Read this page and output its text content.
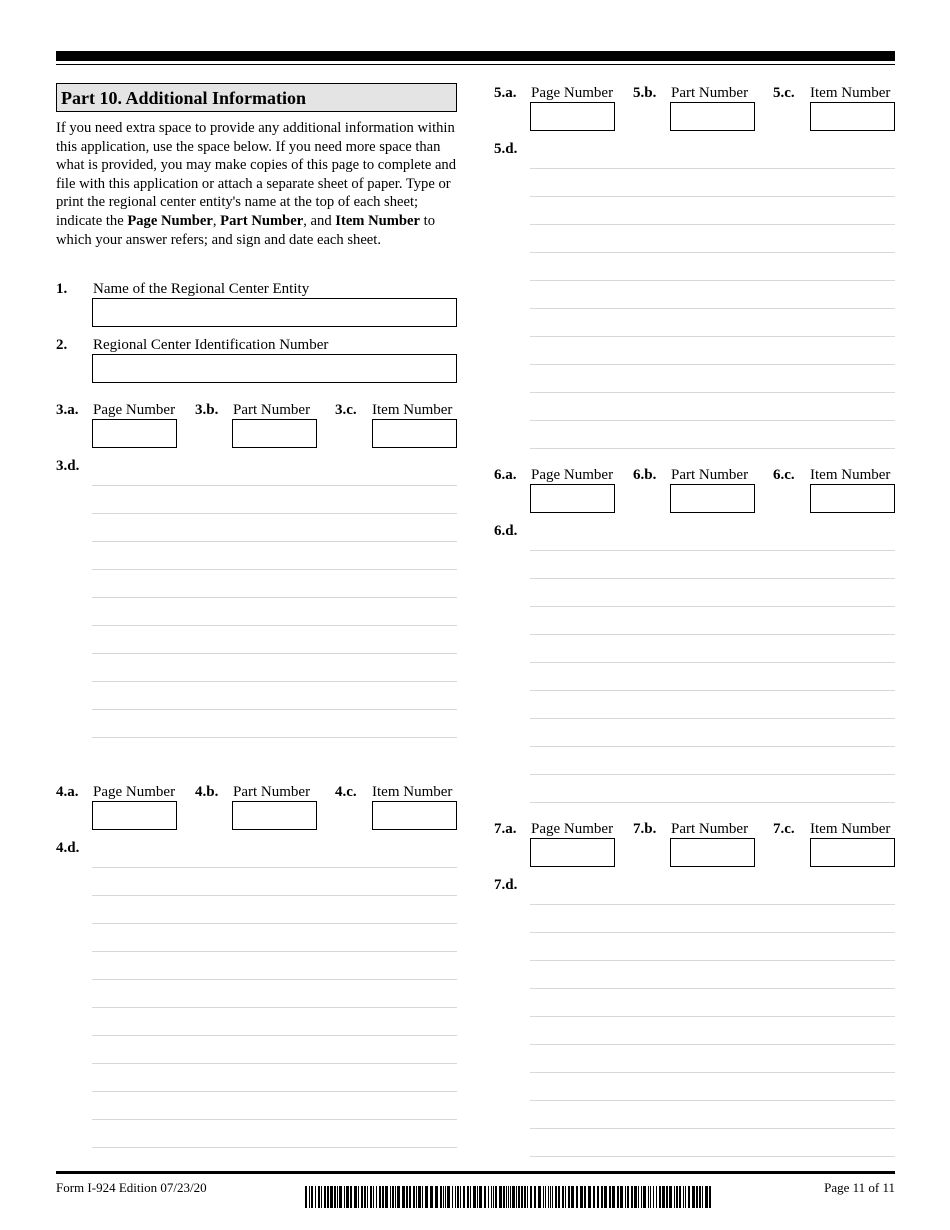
Part 10. Additional Information
If you need extra space to provide any additional information within this application, use the space below. If you need more space than what is provided, you may make copies of this page to complete and file with this application or attach a separate sheet of paper. Type or print the regional center entity's name at the top of each sheet; indicate the Page Number, Part Number, and Item Number to which your answer refers; and sign and date each sheet.
1. Name of the Regional Center Entity
2. Regional Center Identification Number
3.a. Page Number 3.b. Part Number 3.c. Item Number
3.d.
4.a. Page Number 4.b. Part Number 4.c. Item Number
4.d.
5.a. Page Number 5.b. Part Number 5.c. Item Number
5.d.
6.a. Page Number 6.b. Part Number 6.c. Item Number
6.d.
7.a. Page Number 7.b. Part Number 7.c. Item Number
7.d.
Form I-924 Edition 07/23/20	Page 11 of 11
